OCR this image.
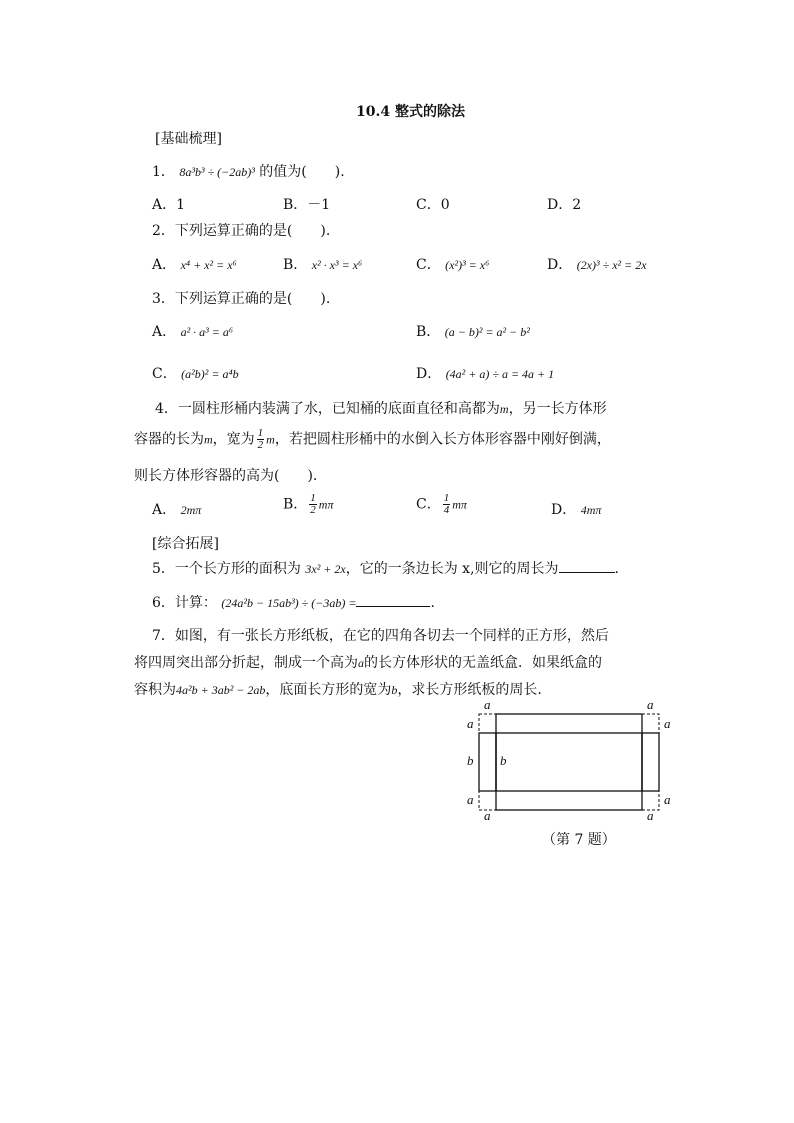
10.4 整式的除法
[基础梳理]
1． 8a³b³ ÷ (−2ab)³ 的值为(　　).
A．1	B．－1	C．0	D．2
2．下列运算正确的是(　　).
A． x⁴ + x² = x⁶	B． x² · x³ = x⁶	C． (x²)³ = x⁶	D． (2x)³ ÷ x² = 2x
3．下列运算正确的是(　　).
A． a² · a³ = a⁶	B． (a − b)² = a² − b²
C． (a²b)² = a⁴b	D． (4a² + a) ÷ a = 4a + 1
4．一圆柱形桶内装满了水，已知桶的底面直径和高都为m，另一长方体形
容器的长为m，宽为 $\frac{1}{2}$ m，若把圆柱形桶中的水倒入长方体形容器中刚好倒满，
则长方体形容器的高为(　　).
A． 2mπ	B． $\frac{1}{2}$ mπ	C． $\frac{1}{4}$ mπ	D． 4mπ
[综合拓展]
5．一个长方形的面积为 3x² + 2x，它的一条边长为 x,则它的周长为	.
6．计算： (24a²b − 15ab³) ÷ (−3ab) =	.
7．如图，有一张长方形纸板，在它的四角各切去一个同样的正方形，然后
将四周突出部分折起，制成一个高为a的长方体形状的无盖纸盒．如果纸盒的
容积为4a²b + 3ab² − 2ab，底面长方形的宽为b，求长方形纸板的周长.
a	a
a	a
b b
a	a
a	a
（第 7 题）
